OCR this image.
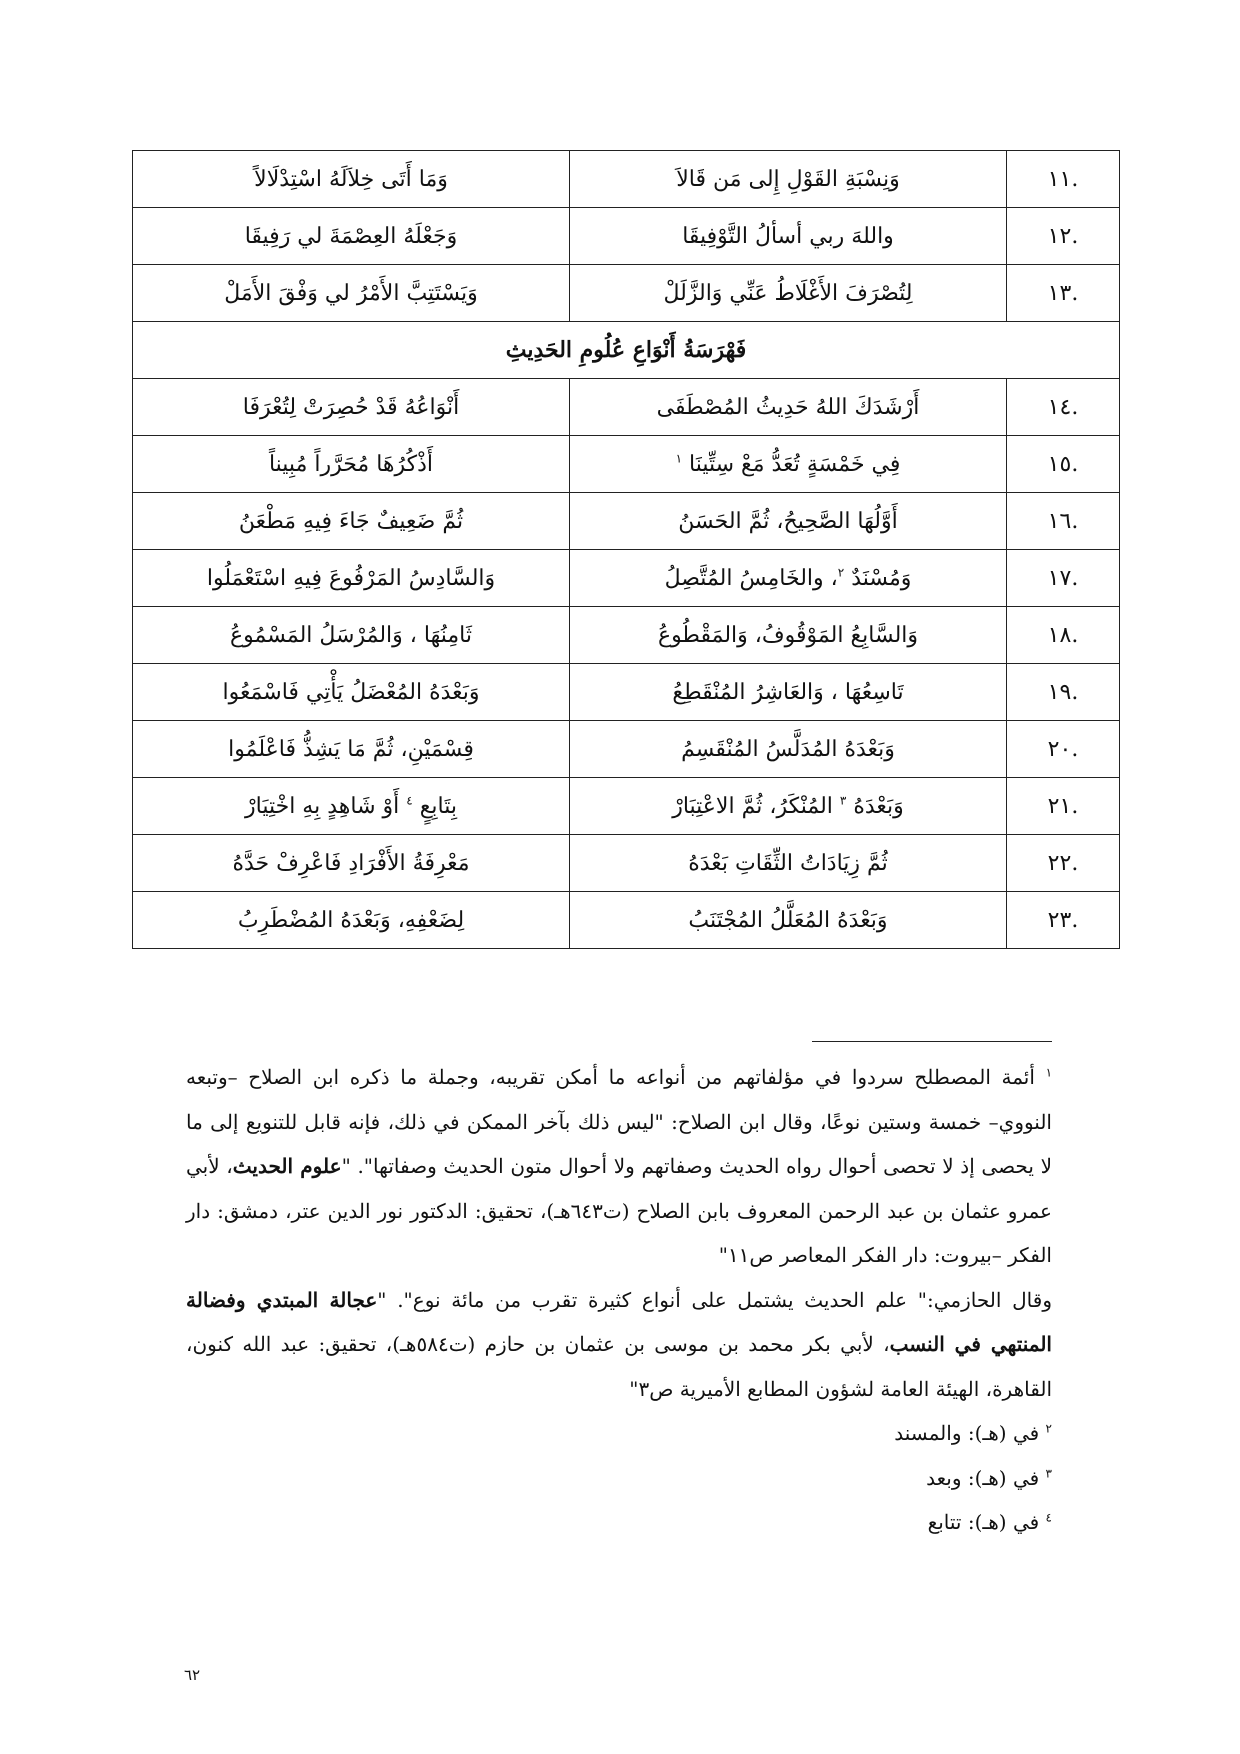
.١١	وَنِسْبَةِ القَوْلِ إِلى مَن قَالاَ	وَمَا أَتَى خِلاَلَهُ اسْتِدْلَالاً
.١٢	واللهَ ربي أسألُ التَّوْفِيقَا	وَجَعْلَهُ العِصْمَةَ لي رَفِيقَا
.١٣	لِتُصْرَفَ الأَغْلَاطُ عَنِّي وَالزَّلَلْ	وَيَسْتَتِبَّ الأَمْرُ لي وَفْقَ الأَمَلْ
فَهْرَسَةُ أَنْوَاعِ عُلُومِ الحَدِيثِ		
.١٤	أَرْشَدَكَ اللهُ حَدِيثُ المُصْطَفَى	أَنْوَاعُهُ قَدْ حُصِرَتْ لِتُعْرَفَا
.١٥	فِي خَمْسَةٍ تُعَدُّ مَعْ سِتِّينَا $^١$	أَذْكُرُهَا مُحَرَّراً مُبِيناً
.١٦	أَوَّلُهَا الصَّحِيحُ، ثُمَّ الحَسَنُ	ثُمَّ ضَعِيفٌ جَاءَ فِيهِ مَطْعَنُ
.١٧	وَمُسْنَدٌ $^٢$، والخَامِسُ المُتَّصِلُ	وَالسَّادِسُ المَرْفُوعَ فِيهِ اسْتَعْمَلُوا
.١٨	وَالسَّابِعُ المَوْقُوفُ، وَالمَقْطُوعُ	ثَامِنُهَا ، وَالمُرْسَلُ المَسْمُوعُ
.١٩	تَاسِعُهَا ، وَالعَاشِرُ المُنْقَطِعُ	وَبَعْدَهُ المُعْضَلُ يَأْتِي فَاسْمَعُوا
.٢٠	وَبَعْدَهُ المُدَلَّسُ المُنْقَسِمُ	قِسْمَيْنِ، ثُمَّ مَا يَشِذُّ فَاعْلَمُوا
.٢١	وَبَعْدَهُ $^٣$ المُنْكَرُ، ثُمَّ الاعْتِبَارْ	بِتَابِعٍ $^٤$ أَوْ شَاهِدٍ بِهِ اخْتِيَارْ
.٢٢	ثُمَّ زِيَادَاتُ الثِّقَاتِ بَعْدَهُ	مَعْرِفَةُ الأَفْرَادِ فَاعْرِفْ حَدَّهُ
.٢٣	وَبَعْدَهُ المُعَلَّلُ المُجْتَنَبُ	لِضَعْفِهِ، وَبَعْدَهُ المُضْطَرِبُ

$^١$ أئمة المصطلح سردوا في مؤلفاتهم من أنواعه ما أمكن تقريبه، وجملة ما ذكره ابن الصلاح –وتبعه النووي– خمسة وستين نوعًا، وقال ابن الصلاح: "ليس ذلك بآخر الممكن في ذلك، فإنه قابل للتنويع إلى ما لا يحصى إذ لا تحصى أحوال رواه الحديث وصفاتهم ولا أحوال متون الحديث وصفاتها". "علوم الحديث، لأبي عمرو عثمان بن عبد الرحمن المعروف بابن الصلاح (ت٦٤٣هـ)، تحقيق: الدكتور نور الدين عتر، دمشق: دار الفكر –بيروت: دار الفكر المعاصر ص١١"

وقال الحازمي:" علم الحديث يشتمل على أنواع كثيرة تقرب من مائة نوع". "عجالة المبتدي وفضالة المنتهي في النسب، لأبي بكر محمد بن موسى بن عثمان بن حازم (ت٥٨٤هـ)، تحقيق: عبد الله كنون، القاهرة، الهيئة العامة لشؤون المطابع الأميرية ص٣"

$^٢$ في (هـ): والمسند

$^٣$ في (هـ): وبعد

$^٤$ في (هـ): تتابع

٦٢
